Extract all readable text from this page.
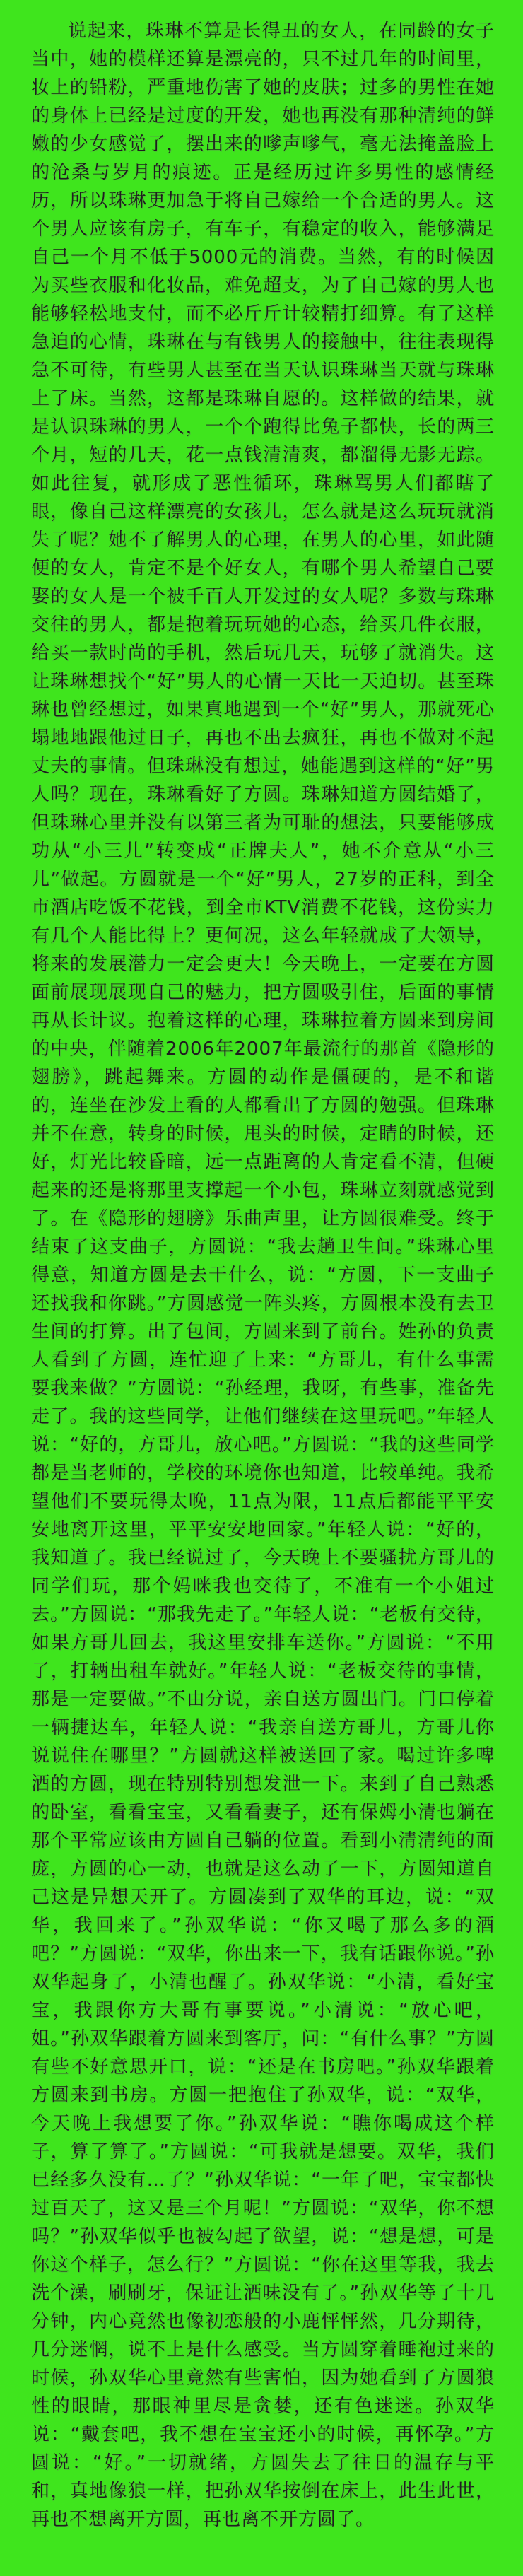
说起来，珠琳不算是长得丑的女人，在同龄的女子当中，她的模样还算是漂亮的，只不过几年的时间里，妆上的铅粉，严重地伤害了她的皮肤；过多的男性在她的身体上已经是过度的开发，她也再没有那种清纯的鲜嫩的少女感觉了，摆出来的嗲声嗲气，毫无法掩盖脸上的沧桑与岁月的痕迹。正是经历过许多男性的感情经历，所以珠琳更加急于将自己嫁给一个合适的男人。这个男人应该有房子，有车子，有稳定的收入，能够满足自己一个月不低于5000元的消费。当然，有的时候因为买些衣服和化妆品，难免超支，为了自己嫁的男人也能够轻松地支付，而不必斤斤计较精打细算。有了这样急迫的心情，珠琳在与有钱男人的接触中，往往表现得急不可待，有些男人甚至在当天认识珠琳当天就与珠琳上了床。当然，这都是珠琳自愿的。这样做的结果，就是认识珠琳的男人，一个个跑得比兔子都快，长的两三个月，短的几天，花一点钱清清爽，都溜得无影无踪。如此往复，就形成了恶性循环，珠琳骂男人们都瞎了眼，像自己这样漂亮的女孩儿，怎么就是这么玩玩就消失了呢？她不了解男人的心理，在男人的心里，如此随便的女人，肯定不是个好女人，有哪个男人希望自己要娶的女人是一个被千百人开发过的女人呢？多数与珠琳交往的男人，都是抱着玩玩她的心态，给买几件衣服，给买一款时尚的手机，然后玩几天，玩够了就消失。这让珠琳想找个“好”男人的心情一天比一天迫切。甚至珠琳也曾经想过，如果真地遇到一个“好”男人，那就死心塌地地跟他过日子，再也不出去疯狂，再也不做对不起丈夫的事情。但珠琳没有想过，她能遇到这样的“好”男人吗？现在，珠琳看好了方圆。珠琳知道方圆结婚了，但珠琳心里并没有以第三者为可耻的想法，只要能够成功从“小三儿”转变成“正牌夫人”，她不介意从“小三儿”做起。方圆就是一个“好”男人，27岁的正科，到全市酒店吃饭不花钱，到全市KTV消费不花钱，这份实力有几个人能比得上？更何况，这么年轻就成了大领导，将来的发展潜力一定会更大！今天晚上，一定要在方圆面前展现展现自己的魅力，把方圆吸引住，后面的事情再从长计议。抱着这样的心理，珠琳拉着方圆来到房间的中央，伴随着2006年2007年最流行的那首《隐形的翅膀》，跳起舞来。方圆的动作是僵硬的，是不和谐的，连坐在沙发上看的人都看出了方圆的勉强。但珠琳并不在意，转身的时候，甩头的时候，定睛的时候，还好，灯光比较昏暗，远一点距离的人肯定看不清，但硬起来的还是将那里支撑起一个小包，珠琳立刻就感觉到了。在《隐形的翅膀》乐曲声里，让方圆很难受。终于结束了这支曲子，方圆说：“我去趟卫生间。”珠琳心里得意，知道方圆是去干什么，说：“方圆，下一支曲子还找我和你跳。”方圆感觉一阵头疼，方圆根本没有去卫生间的打算。出了包间，方圆来到了前台。姓孙的负责人看到了方圆，连忙迎了上来：“方哥儿，有什么事需要我来做？”方圆说：“孙经理，我呀，有些事，准备先走了。我的这些同学，让他们继续在这里玩吧。”年轻人说：“好的，方哥儿，放心吧。”方圆说：“我的这些同学都是当老师的，学校的环境你也知道，比较单纯。我希望他们不要玩得太晚，11点为限，11点后都能平平安安地离开这里，平平安安地回家。”年轻人说：“好的，我知道了。我已经说过了，今天晚上不要骚扰方哥儿的同学们玩，那个妈咪我也交待了，不准有一个小姐过去。”方圆说：“那我先走了。”年轻人说：“老板有交待，如果方哥儿回去，我这里安排车送你。”方圆说：“不用了，打辆出租车就好。”年轻人说：“老板交待的事情，那是一定要做。”不由分说，亲自送方圆出门。门口停着一辆捷达车，年轻人说：“我亲自送方哥儿，方哥儿你说说住在哪里？”方圆就这样被送回了家。喝过许多啤酒的方圆，现在特别特别想发泄一下。来到了自己熟悉的卧室，看看宝宝，又看看妻子，还有保姆小清也躺在那个平常应该由方圆自己躺的位置。看到小清清纯的面庞，方圆的心一动，也就是这么动了一下，方圆知道自己这是异想天开了。方圆凑到了双华的耳边，说：“双华，我回来了。”孙双华说：“你又喝了那么多的酒吧？”方圆说：“双华，你出来一下，我有话跟你说。”孙双华起身了，小清也醒了。孙双华说：“小清，看好宝宝，我跟你方大哥有事要说。”小清说：“放心吧，姐。”孙双华跟着方圆来到客厅，问：“有什么事？”方圆有些不好意思开口，说：“还是在书房吧。”孙双华跟着方圆来到书房。方圆一把抱住了孙双华，说：“双华，今天晚上我想要了你。”孙双华说：“瞧你喝成这个样子，算了算了。”方圆说：“可我就是想要。双华，我们已经多久没有…了？”孙双华说：“一年了吧，宝宝都快过百天了，这又是三个月呢！”方圆说：“双华，你不想吗？”孙双华似乎也被勾起了欲望，说：“想是想，可是你这个样子，怎么行？”方圆说：“你在这里等我，我去洗个澡，刷刷牙，保证让酒味没有了。”孙双华等了十几分钟，内心竟然也像初恋般的小鹿怦怦然，几分期待，几分迷惘，说不上是什么感受。当方圆穿着睡袍过来的时候，孙双华心里竟然有些害怕，因为她看到了方圆狼性的眼睛，那眼神里尽是贪婪，还有色迷迷。孙双华说：“戴套吧，我不想在宝宝还小的时候，再怀孕。”方圆说：“好。”一切就绪，方圆失去了往日的温存与平和，真地像狼一样，把孙双华按倒在床上，此生此世，再也不想离开方圆，再也离不开方圆了。
